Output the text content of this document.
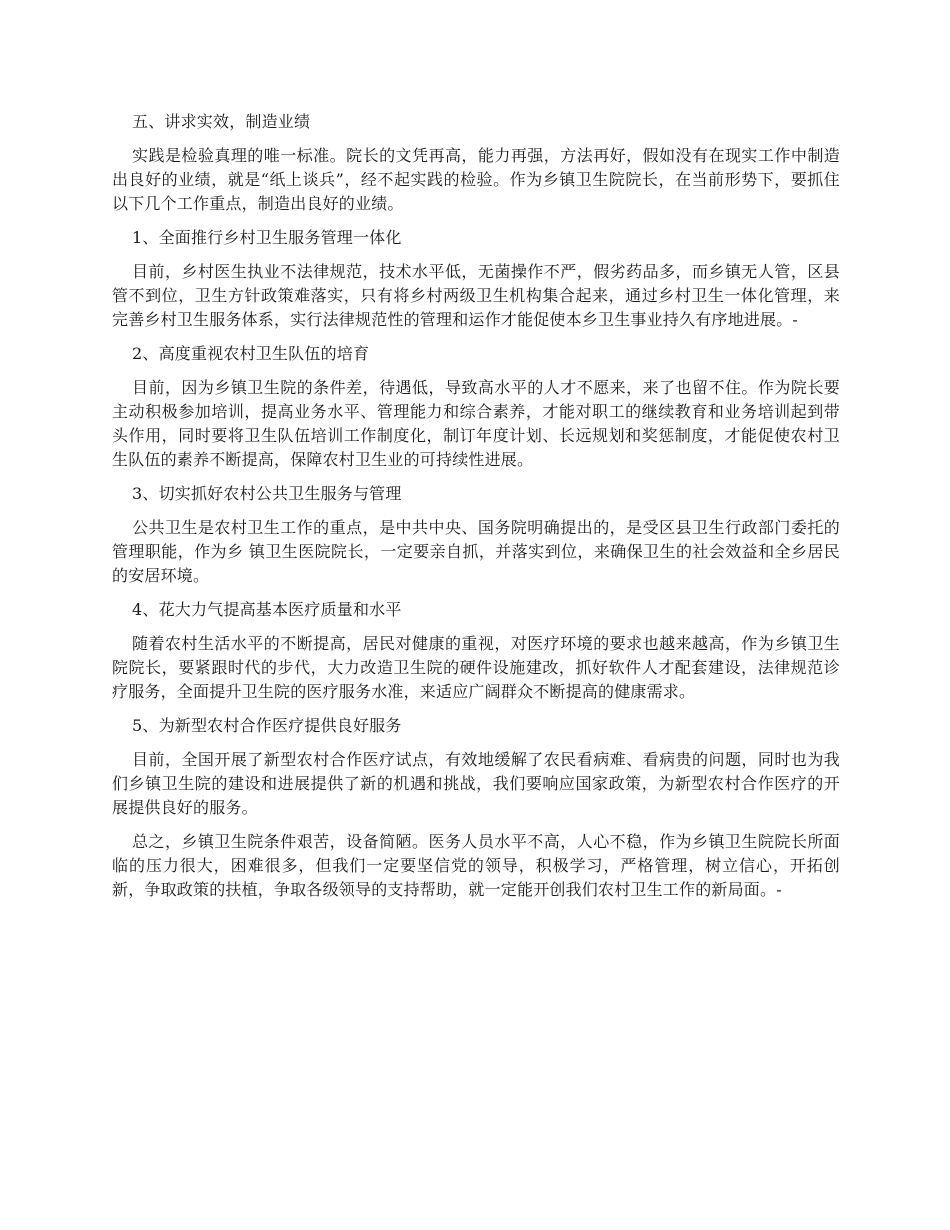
五、讲求实效，制造业绩

实践是检验真理的唯一标准。院长的文凭再高，能力再强，方法再好，假如没有在现实工作中制造出良好的业绩，就是“纸上谈兵”，经不起实践的检验。作为乡镇卫生院院长，在当前形势下，要抓住以下几个工作重点，制造出良好的业绩。

1、全面推行乡村卫生服务管理一体化

目前，乡村医生执业不法律规范，技术水平低，无菌操作不严，假劣药品多，而乡镇无人管，区县管不到位，卫生方针政策难落实，只有将乡村两级卫生机构集合起来，通过乡村卫生一体化管理，来完善乡村卫生服务体系，实行法律规范性的管理和运作才能促使本乡卫生事业持久有序地进展。-

2、高度重视农村卫生队伍的培育

目前，因为乡镇卫生院的条件差，待遇低，导致高水平的人才不愿来，来了也留不住。作为院长要主动积极参加培训，提高业务水平、管理能力和综合素养，才能对职工的继续教育和业务培训起到带头作用，同时要将卫生队伍培训工作制度化，制订年度计划、长远规划和奖惩制度，才能促使农村卫生队伍的素养不断提高，保障农村卫生业的可持续性进展。

3、切实抓好农村公共卫生服务与管理

公共卫生是农村卫生工作的重点，是中共中央、国务院明确提出的，是受区县卫生行政部门委托的管理职能，作为乡 镇卫生医院院长，一定要亲自抓，并落实到位，来确保卫生的社会效益和全乡居民的安居环境。

4、花大力气提高基本医疗质量和水平

随着农村生活水平的不断提高，居民对健康的重视，对医疗环境的要求也越来越高，作为乡镇卫生院院长，要紧跟时代的步代，大力改造卫生院的硬件设施建改，抓好软件人才配套建设，法律规范诊疗服务，全面提升卫生院的医疗服务水准，来适应广阔群众不断提高的健康需求。

5、为新型农村合作医疗提供良好服务

目前，全国开展了新型农村合作医疗试点，有效地缓解了农民看病难、看病贵的问题，同时也为我们乡镇卫生院的建设和进展提供了新的机遇和挑战，我们要响应国家政策，为新型农村合作医疗的开展提供良好的服务。

总之，乡镇卫生院条件艰苦，设备简陋。医务人员水平不高，人心不稳，作为乡镇卫生院院长所面临的压力很大，困难很多，但我们一定要坚信党的领导，积极学习，严格管理，树立信心，开拓创新，争取政策的扶植，争取各级领导的支持帮助，就一定能开创我们农村卫生工作的新局面。-
